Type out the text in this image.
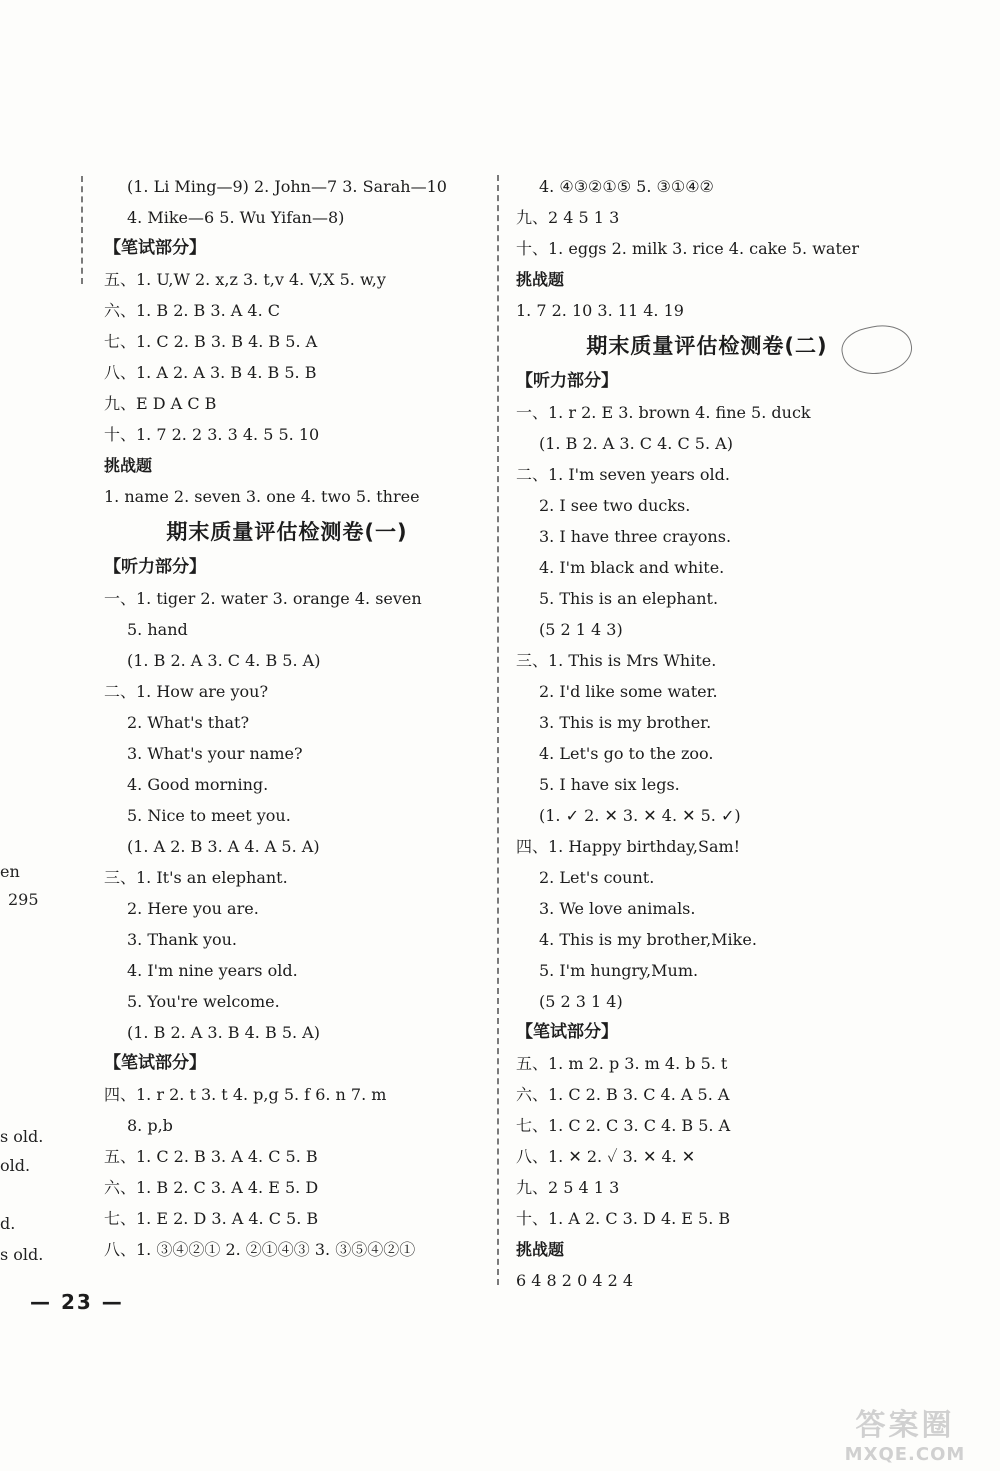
(1. Li Ming—9) 2. John—7 3. Sarah—10
4. Mike—6 5. Wu Yifan—8)
【笔试部分】
五、1. U,W 2. x,z 3. t,v 4. V,X 5. w,y
六、1. B 2. B 3. A 4. C
七、1. C 2. B 3. B 4. B 5. A
八、1. A 2. A 3. B 4. B 5. B
九、E D A C B
十、1. 7 2. 2 3. 3 4. 5 5. 10
挑战题
1. name 2. seven 3. one 4. two 5. three
期末质量评估检测卷(一)
【听力部分】
一、1. tiger 2. water 3. orange 4. seven
5. hand
(1. B 2. A 3. C 4. B 5. A)
二、1. How are you?
2. What's that?
3. What's your name?
4. Good morning.
5. Nice to meet you.
(1. A 2. B 3. A 4. A 5. A)
三、1. It's an elephant.
2. Here you are.
3. Thank you.
4. I'm nine years old.
5. You're welcome.
(1. B 2. A 3. B 4. B 5. A)
【笔试部分】
四、1. r 2. t 3. t 4. p,g 5. f 6. n 7. m
8. p,b
五、1. C 2. B 3. A 4. C 5. B
六、1. B 2. C 3. A 4. E 5. D
七、1. E 2. D 3. A 4. C 5. B
八、1. ③④②① 2. ②①④③ 3. ③⑤④②①
4. ④③②①⑤ 5. ③①④②
九、2 4 5 1 3
十、1. eggs 2. milk 3. rice 4. cake 5. water
挑战题
1. 7 2. 10 3. 11 4. 19
期末质量评估检测卷(二)
【听力部分】
一、1. r 2. E 3. brown 4. fine 5. duck
(1. B 2. A 3. C 4. C 5. A)
二、1. I'm seven years old.
2. I see two ducks.
3. I have three crayons.
4. I'm black and white.
5. This is an elephant.
(5 2 1 4 3)
三、1. This is Mrs White.
2. I'd like some water.
3. This is my brother.
4. Let's go to the zoo.
5. I have six legs.
(1. ✓ 2. ✕ 3. ✕ 4. ✕ 5. ✓)
四、1. Happy birthday,Sam!
2. Let's count.
3. We love animals.
4. This is my brother,Mike.
5. I'm hungry,Mum.
(5 2 3 1 4)
【笔试部分】
五、1. m 2. p 3. m 4. b 5. t
六、1. C 2. B 3. C 4. A 5. A
七、1. C 2. C 3. C 4. B 5. A
八、1. ✕ 2. ✓ 3. ✕ 4. ✕
九、2 5 4 1 3
十、1. A 2. C 3. D 4. E 5. B
挑战题
6 4 8 2 0 4 2 4

en
295
s old.
old.
d.
s old.
— 23 —
答案圈
MXQE.COM
